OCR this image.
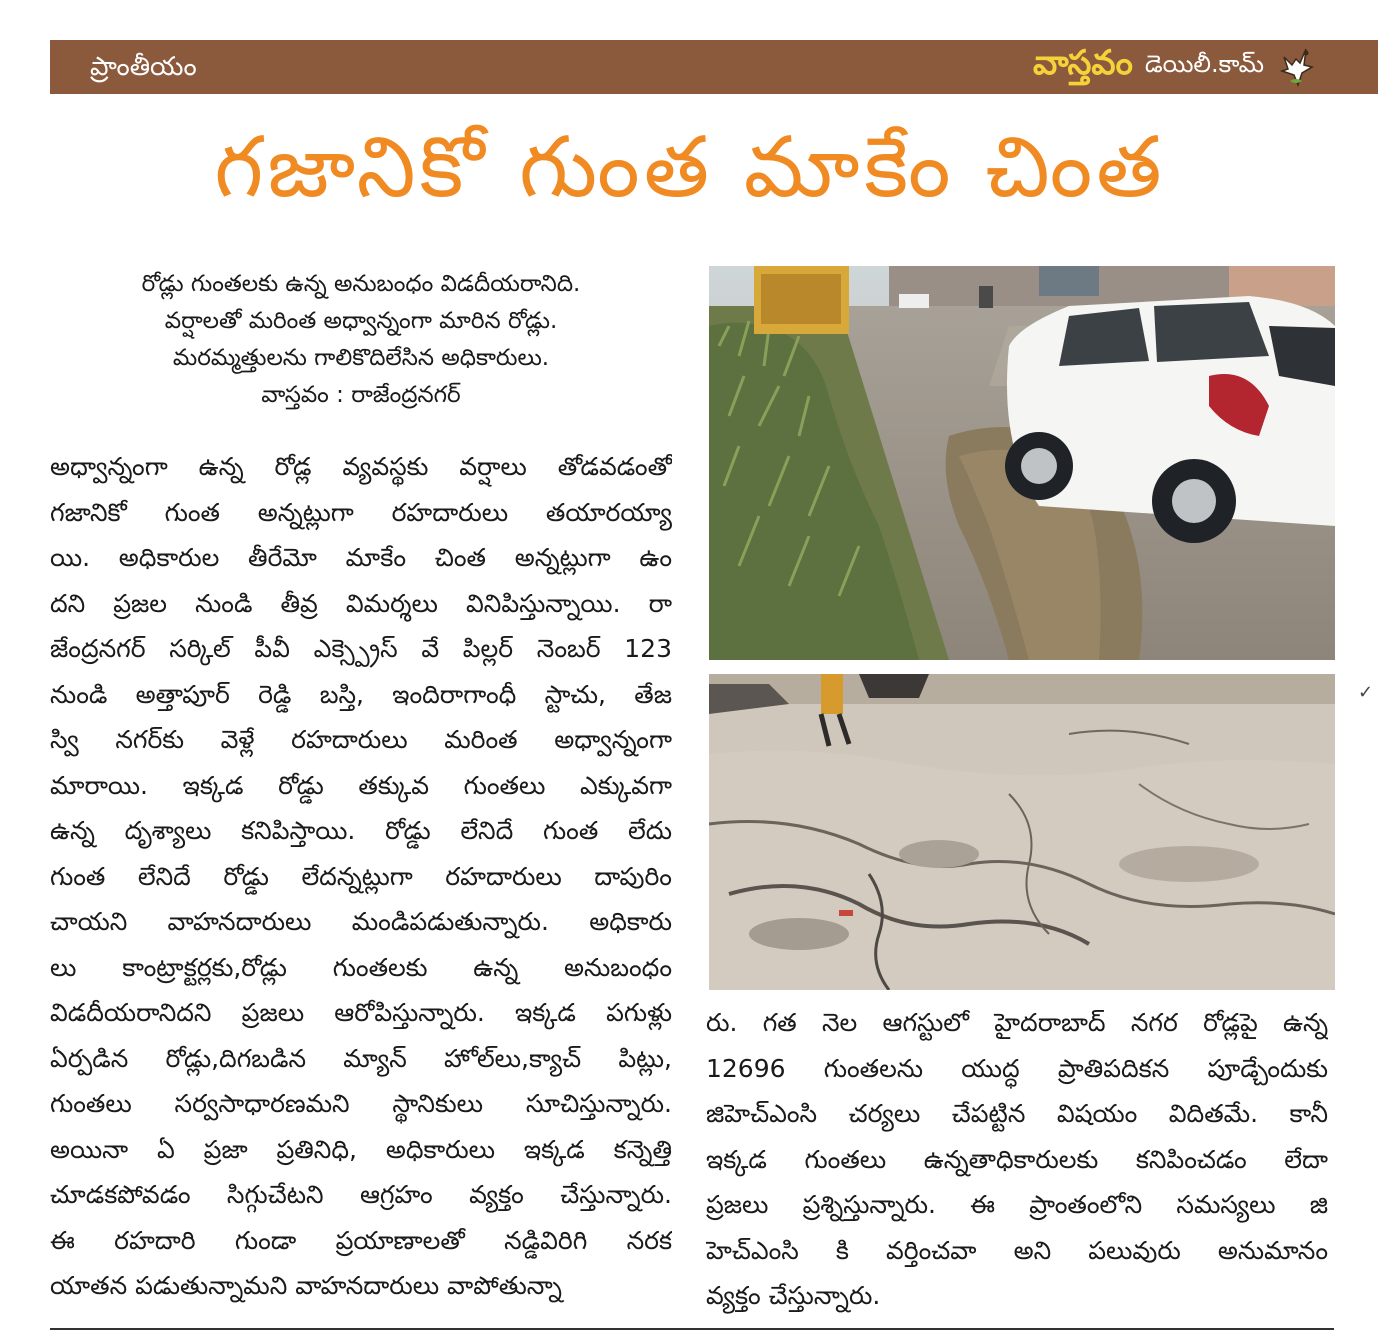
ప్రాంతీయం	వాస్తవం డెయిలీ.కామ్
గజానికో గుంత మాకేం చింత
రోడ్లు గుంతలకు ఉన్న అనుబంధం విడదీయరానిది.
వర్షాలతో మరింత అధ్వాన్నంగా మారిన రోడ్లు.
మరమ్మత్తులను గాలికొదిలేసిన అధికారులు.
వాస్తవం : రాజేంద్రనగర్
అధ్వాన్నంగా ఉన్న రోడ్ల వ్యవస్థకు వర్షాలు తోడవడంతో
గజానికో గుంత అన్నట్లుగా రహదారులు తయారయ్యా
యి. అధికారుల తీరేమో మాకేం చింత అన్నట్లుగా ఉం
దని ప్రజల నుండి తీవ్ర విమర్శలు వినిపిస్తున్నాయి. రా
జేంద్రనగర్ సర్కిల్ పీవీ ఎక్స్ప్రెస్ వే పిల్లర్ నెంబర్ 123
నుండి అత్తాపూర్ రెడ్డి బస్తి, ఇందిరాగాంధీ స్టాచు, తేజ
స్వి నగర్‌కు వెళ్లే రహదారులు మరింత అధ్వాన్నంగా
మారాయి. ఇక్కడ రోడ్డు తక్కువ గుంతలు ఎక్కువగా
ఉన్న దృశ్యాలు కనిపిస్తాయి. రోడ్డు లేనిదే గుంత లేదు
గుంత లేనిదే రోడ్డు లేదన్నట్లుగా రహదారులు దాపురిం
చాయని వాహనదారులు మండిపడుతున్నారు. అధికారు
లు కాంట్రాక్టర్లకు,రోడ్లు గుంతలకు ఉన్న అనుబంధం
విడదీయరానిదని ప్రజలు ఆరోపిస్తున్నారు. ఇక్కడ పగుళ్లు
ఏర్పడిన రోడ్లు,దిగబడిన మ్యాన్ హోల్‌లు,క్యాచ్ పిట్లు,
గుంతలు సర్వసాధారణమని స్థానికులు సూచిస్తున్నారు.
అయినా ఏ ప్రజా ప్రతినిధి, అధికారులు ఇక్కడ కన్నెత్తి
చూడకపోవడం సిగ్గుచేటని ఆగ్రహం వ్యక్తం చేస్తున్నారు.
ఈ రహదారి గుండా ప్రయాణాలతో నడ్డివిరిగి నరక
యాతన పడుతున్నామని వాహనదారులు వాపోతున్నా
రు. గత నెల ఆగస్టులో హైదరాబాద్ నగర రోడ్లపై ఉన్న
12696 గుంతలను యుద్ధ ప్రాతిపదికన పూడ్చేందుకు
జిహెచ్ఎంసి చర్యలు చేపట్టిన విషయం విదితమే. కానీ
ఇక్కడ గుంతలు ఉన్నతాధికారులకు కనిపించడం లేదా
ప్రజలు ప్రశ్నిస్తున్నారు. ఈ ప్రాంతంలోని సమస్యలు జి
హెచ్ఎంసి కి వర్తించవా అని పలువురు అనుమానం
వ్యక్తం చేస్తున్నారు.
✓
